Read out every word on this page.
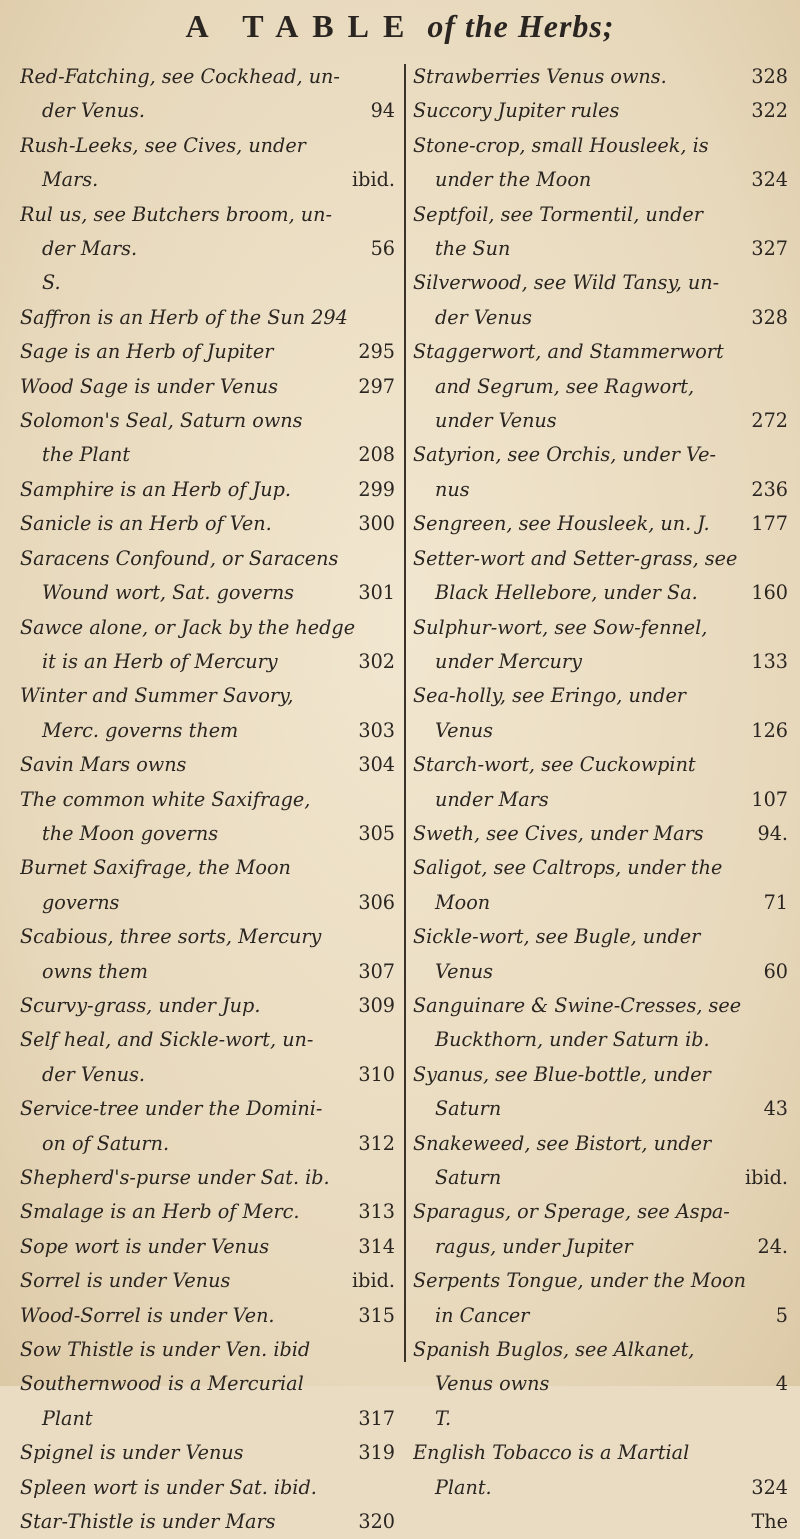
A TABLE of the Herbs;
Red-Fatching, see Cockhead, un-
der Venus.	94
Rush-Leeks, see Cives, under
Mars.	ibid.
Rul us, see Butchers broom, un-
der Mars.	56
S.
Saffron is an Herb of the Sun 294
Sage is an Herb of Jupiter	295
Wood Sage is under Venus	297
Solomon's Seal, Saturn owns
the Plant	208
Samphire is an Herb of Jup.	299
Sanicle is an Herb of Ven.	300
Saracens Confound, or Saracens
Wound wort, Sat. governs	301
Sawce alone, or Jack by the hedge
it is an Herb of Mercury	302
Winter and Summer Savory,
Merc. governs them	303
Savin Mars owns	304
The common white Saxifrage,
the Moon governs	305
Burnet Saxifrage, the Moon
governs	306
Scabious, three sorts, Mercury
owns them	307
Scurvy-grass, under Jup.	309
Self heal, and Sickle-wort, un-
der Venus.	310
Service-tree under the Domini-
on of Saturn.	312
Shepherd's-purse under Sat. ib.
Smalage is an Herb of Merc.	313
Sope wort is under Venus	314
Sorrel is under Venus	ibid.
Wood-Sorrel is under Ven.	315
Sow Thistle is under Ven. ibid
Southernwood is a Mercurial
Plant	317
Spignel is under Venus	319
Spleen wort is under Sat. ibid.
Star-Thistle is under Mars	320
Strawberries Venus owns.	328
Succory Jupiter rules	322
Stone-crop, small Housleek, is
under the Moon	324
Septfoil, see Tormentil, under
the Sun	327
Silverwood, see Wild Tansy, un-
der Venus	328
Staggerwort, and Stammerwort
and Segrum, see Ragwort,
under Venus	272
Satyrion, see Orchis, under Ve-
nus	236
Sengreen, see Housleek, un. J.	177
Setter-wort and Setter-grass, see
Black Hellebore, under Sa.	160
Sulphur-wort, see Sow-fennel,
under Mercury	133
Sea-holly, see Eringo, under
Venus	126
Starch-wort, see Cuckowpint
under Mars	107
Sweth, see Cives, under Mars	94.
Saligot, see Caltrops, under the
Moon	71
Sickle-wort, see Bugle, under
Venus	60
Sanguinare & Swine-Cresses, see
Buckthorn, under Saturn ib.
Syanus, see Blue-bottle, under
Saturn	43
Snakeweed, see Bistort, under
Saturn	ibid.
Sparagus, or Sperage, see Aspa-
ragus, under Jupiter	24.
Serpents Tongue, under the Moon
in Cancer	5
Spanish Buglos, see Alkanet,
Venus owns	4
T.
English Tobacco is a Martial
Plant.	324
The
